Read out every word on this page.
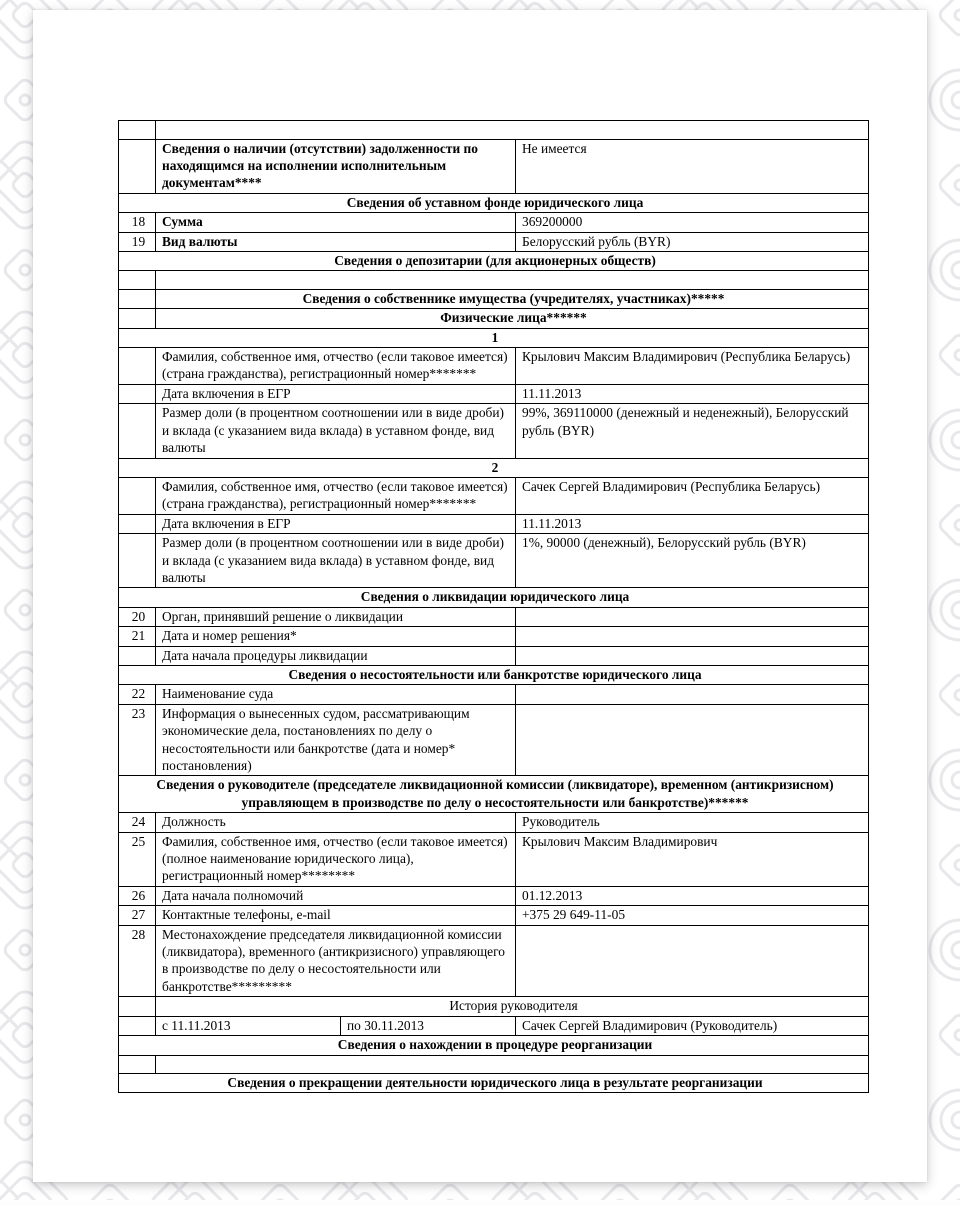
	Сведения о наличии (отсутствии) задолженности по находящимся на исполнении исполнительным документам****		Не имеется
Сведения об уставном фонде юридического лица			
18	Сумма		369200000
19	Вид валюты		Белорусский рубль (BYR)
Сведения о депозитарии (для акционерных обществ)			

	Сведения о собственнике имущества (учредителях, участниках)*****		
	Физические лица******		
1			
	Фамилия, собственное имя, отчество (если таковое имеется) (страна гражданства), регистрационный номер*******		Крылович Максим Владимирович (Республика Беларусь)
	Дата включения в ЕГР		11.11.2013
	Размер доли (в процентном соотношении или в виде дроби) и вклада (с указанием вида вклада) в уставном фонде, вид валюты		99%, 369110000 (денежный и неденежный), Белорусский рубль (BYR)
2			
	Фамилия, собственное имя, отчество (если таковое имеется) (страна гражданства), регистрационный номер*******		Сачек Сергей Владимирович (Республика Беларусь)
	Дата включения в ЕГР		11.11.2013
	Размер доли (в процентном соотношении или в виде дроби) и вклада (с указанием вида вклада) в уставном фонде, вид валюты		1%, 90000 (денежный), Белорусский рубль (BYR)
Сведения о ликвидации юридического лица			
20	Орган, принявший решение о ликвидации		
21	Дата и номер решения*		
	Дата начала процедуры ликвидации		
Сведения о несостоятельности или банкротстве юридического лица			
22	Наименование суда		
23	Информация о вынесенных судом, рассматривающим экономические дела, постановлениях по делу о несостоятельности или банкротстве (дата и номер* постановления)		
Сведения о руководителе (председателе ликвидационной комиссии (ликвидаторе), временном (антикризисном) управляющем в производстве по делу о несостоятельности или банкротстве)******			
24	Должность		Руководитель
25	Фамилия, собственное имя, отчество (если таковое имеется) (полное наименование юридического лица), регистрационный номер********		Крылович Максим Владимирович
26	Дата начала полномочий		01.12.2013
27	Контактные телефоны, e-mail		+375 29 649-11-05
28	Местонахождение председателя ликвидационной комиссии (ликвидатора), временного (антикризисного) управляющего в производстве по делу о несостоятельности или банкротстве*********		
	История руководителя		
	с 11.11.2013	по 30.11.2013	Сачек Сергей Владимирович (Руководитель)
Сведения о нахождении в процедуре реорганизации			

Сведения о прекращении деятельности юридического лица в результате реорганизации			
